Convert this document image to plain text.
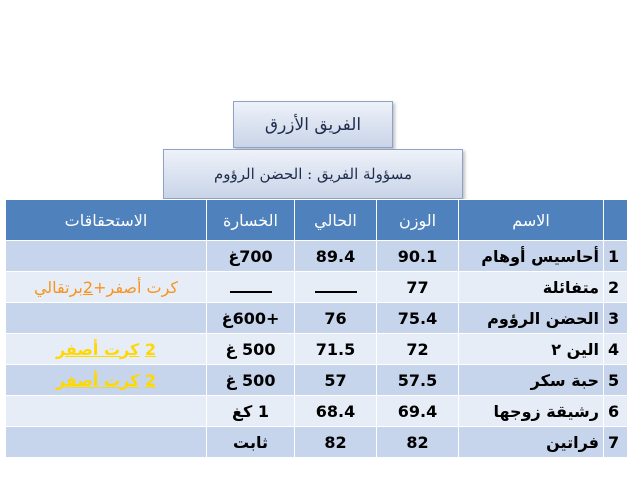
الفريق الأزرق
مسؤولة الفريق : الحضن الرؤوم
	الاسم	الوزن	الحالي	الخسارة	الاستحقاقات
1	أحاسيس أوهام	90.1	89.4	700غ	
2	متفائلة	77			كرت أصفر+2برتقالي
3	الحضن الرؤوم	75.4	76	+600غ	
4	الين ٢	72	71.5	500 غ	2 كرت أصفر
5	حبة سكر	57.5	57	500 غ	2 كرت أصفر
6	رشيقة زوجها	69.4	68.4	1 كغ	
7	فراتين	82	82	ثابت	
